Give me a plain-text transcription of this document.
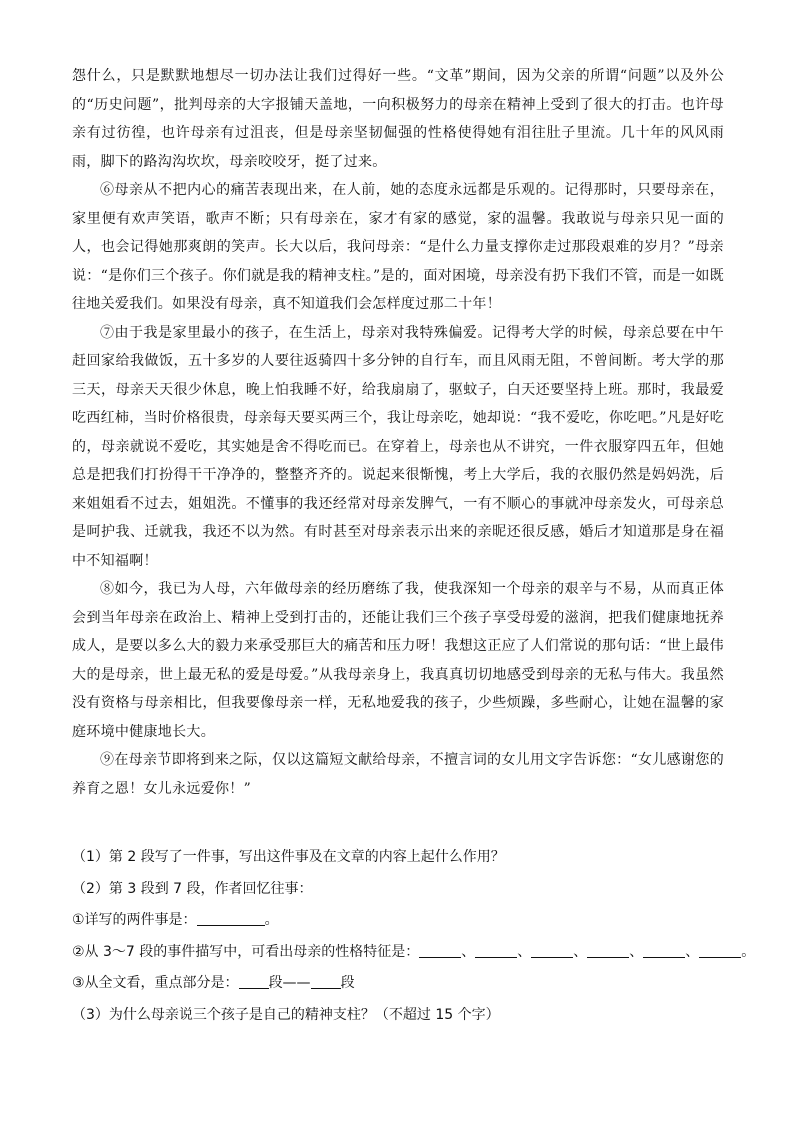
怨什么，只是默默地想尽一切办法让我们过得好一些。“文革”期间，因为父亲的所谓“问题”以及外公的“历史问题”，批判母亲的大字报铺天盖地，一向积极努力的母亲在精神上受到了很大的打击。也许母亲有过彷徨，也许母亲有过沮丧，但是母亲坚韧倔强的性格使得她有泪往肚子里流。几十年的风风雨雨，脚下的路沟沟坎坎，母亲咬咬牙，挺了过来。

⑥母亲从不把内心的痛苦表现出来，在人前，她的态度永远都是乐观的。记得那时，只要母亲在，家里便有欢声笑语，歌声不断；只有母亲在，家才有家的感觉，家的温馨。我敢说与母亲只见一面的人，也会记得她那爽朗的笑声。长大以后，我问母亲：“是什么力量支撑你走过那段艰难的岁月？”母亲说：“是你们三个孩子。你们就是我的精神支柱。”是的，面对困境，母亲没有扔下我们不管，而是一如既往地关爱我们。如果没有母亲，真不知道我们会怎样度过那二十年！

⑦由于我是家里最小的孩子，在生活上，母亲对我特殊偏爱。记得考大学的时候，母亲总要在中午赶回家给我做饭，五十多岁的人要往返骑四十多分钟的自行车，而且风雨无阻，不曾间断。考大学的那三天，母亲天天很少休息，晚上怕我睡不好，给我扇扇了，驱蚊子，白天还要坚持上班。那时，我最爱吃西红柿，当时价格很贵，母亲每天要买两三个，我让母亲吃，她却说：“我不爱吃，你吃吧。”凡是好吃的，母亲就说不爱吃，其实她是舍不得吃而已。在穿着上，母亲也从不讲究，一件衣服穿四五年，但她总是把我们打扮得干干净净的，整整齐齐的。说起来很惭愧，考上大学后，我的衣服仍然是妈妈洗，后来姐姐看不过去，姐姐洗。不懂事的我还经常对母亲发脾气，一有不顺心的事就冲母亲发火，可母亲总是呵护我、迁就我，我还不以为然。有时甚至对母亲表示出来的亲昵还很反感，婚后才知道那是身在福中不知福啊！

⑧如今，我已为人母，六年做母亲的经历磨练了我，使我深知一个母亲的艰辛与不易，从而真正体会到当年母亲在政治上、精神上受到打击的，还能让我们三个孩子享受母爱的滋润，把我们健康地抚养成人，是要以多么大的毅力来承受那巨大的痛苦和压力呀！我想这正应了人们常说的那句话：“世上最伟大的是母亲，世上最无私的爱是母爱。”从我母亲身上，我真真切切地感受到母亲的无私与伟大。我虽然没有资格与母亲相比，但我要像母亲一样，无私地爱我的孩子，少些烦躁，多些耐心，让她在温馨的家庭环境中健康地长大。

⑨在母亲节即将到来之际，仅以这篇短文献给母亲，不擅言词的女儿用文字告诉您：“女儿感谢您的养育之恩！女儿永远爱你！”

（1）第 2 段写了一件事，写出这件事及在文章的内容上起什么作用？
（2）第 3 段到 7 段，作者回忆往事：
①详写的两件事是：	。
②从 3～7 段的事件描写中，可看出母亲的性格特征是：	、	、	、	、	、	。
③从全文看，重点部分是： 段—— 段
（3）为什么母亲说三个孩子是自己的精神支柱？（不超过 15 个字）
